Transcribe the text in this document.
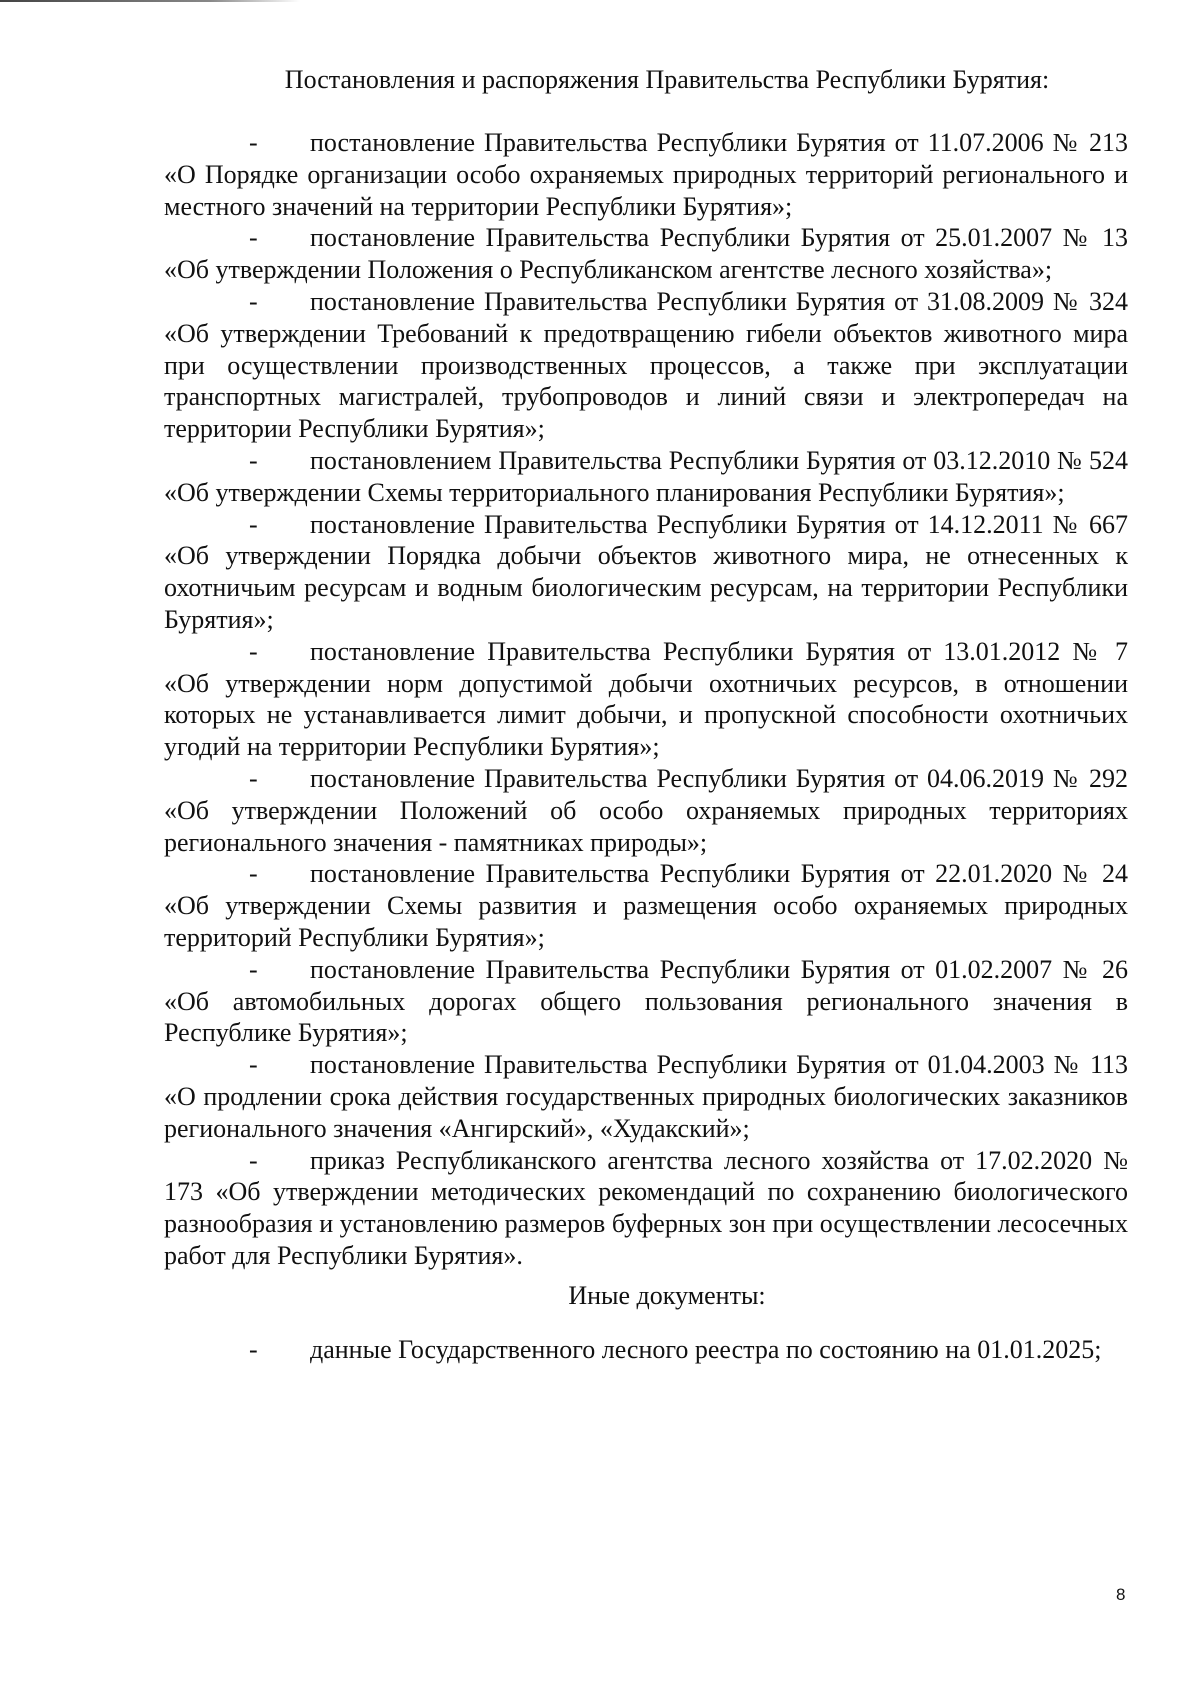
Постановления и распоряжения Правительства Республики Бурятия:

- постановление Правительства Республики Бурятия от 11.07.2006 № 213 «О Порядке организации особо охраняемых природных территорий регионального и местного значений на территории Республики Бурятия»;

- постановление Правительства Республики Бурятия от 25.01.2007 № 13 «Об утверждении Положения о Республиканском агентстве лесного хозяйства»;

- постановление Правительства Республики Бурятия от 31.08.2009 № 324 «Об утверждении Требований к предотвращению гибели объектов животного мира при осуществлении производственных процессов, а также при эксплуатации транспортных магистралей, трубопроводов и линий связи и электропередач на территории Республики Бурятия»;

- постановлением Правительства Республики Бурятия от 03.12.2010 № 524 «Об утверждении Схемы территориального планирования Республики Бурятия»;

- постановление Правительства Республики Бурятия от 14.12.2011 № 667 «Об утверждении Порядка добычи объектов животного мира, не отнесенных к охотничьим ресурсам и водным биологическим ресурсам, на территории Республики Бурятия»;

- постановление Правительства Республики Бурятия от 13.01.2012 № 7 «Об утверждении норм допустимой добычи охотничьих ресурсов, в отношении которых не устанавливается лимит добычи, и пропускной способности охотничьих угодий на территории Республики Бурятия»;

- постановление Правительства Республики Бурятия от 04.06.2019 № 292 «Об утверждении Положений об особо охраняемых природных территориях регионального значения - памятниках природы»;

- постановление Правительства Республики Бурятия от 22.01.2020 № 24 «Об утверждении Схемы развития и размещения особо охраняемых природных территорий Республики Бурятия»;

- постановление Правительства Республики Бурятия от 01.02.2007 № 26 «Об автомобильных дорогах общего пользования регионального значения в Республике Бурятия»;

- постановление Правительства Республики Бурятия от 01.04.2003 № 113 «О продлении срока действия государственных природных биологических заказников регионального значения «Ангирский», «Худакский»;

- приказ Республиканского агентства лесного хозяйства от 17.02.2020 № 173 «Об утверждении методических рекомендаций по сохранению биологического разнообразия и установлению размеров буферных зон при осуществлении лесосечных работ для Республики Бурятия».

Иные документы:

- данные Государственного лесного реестра по состоянию на 01.01.2025;

8
